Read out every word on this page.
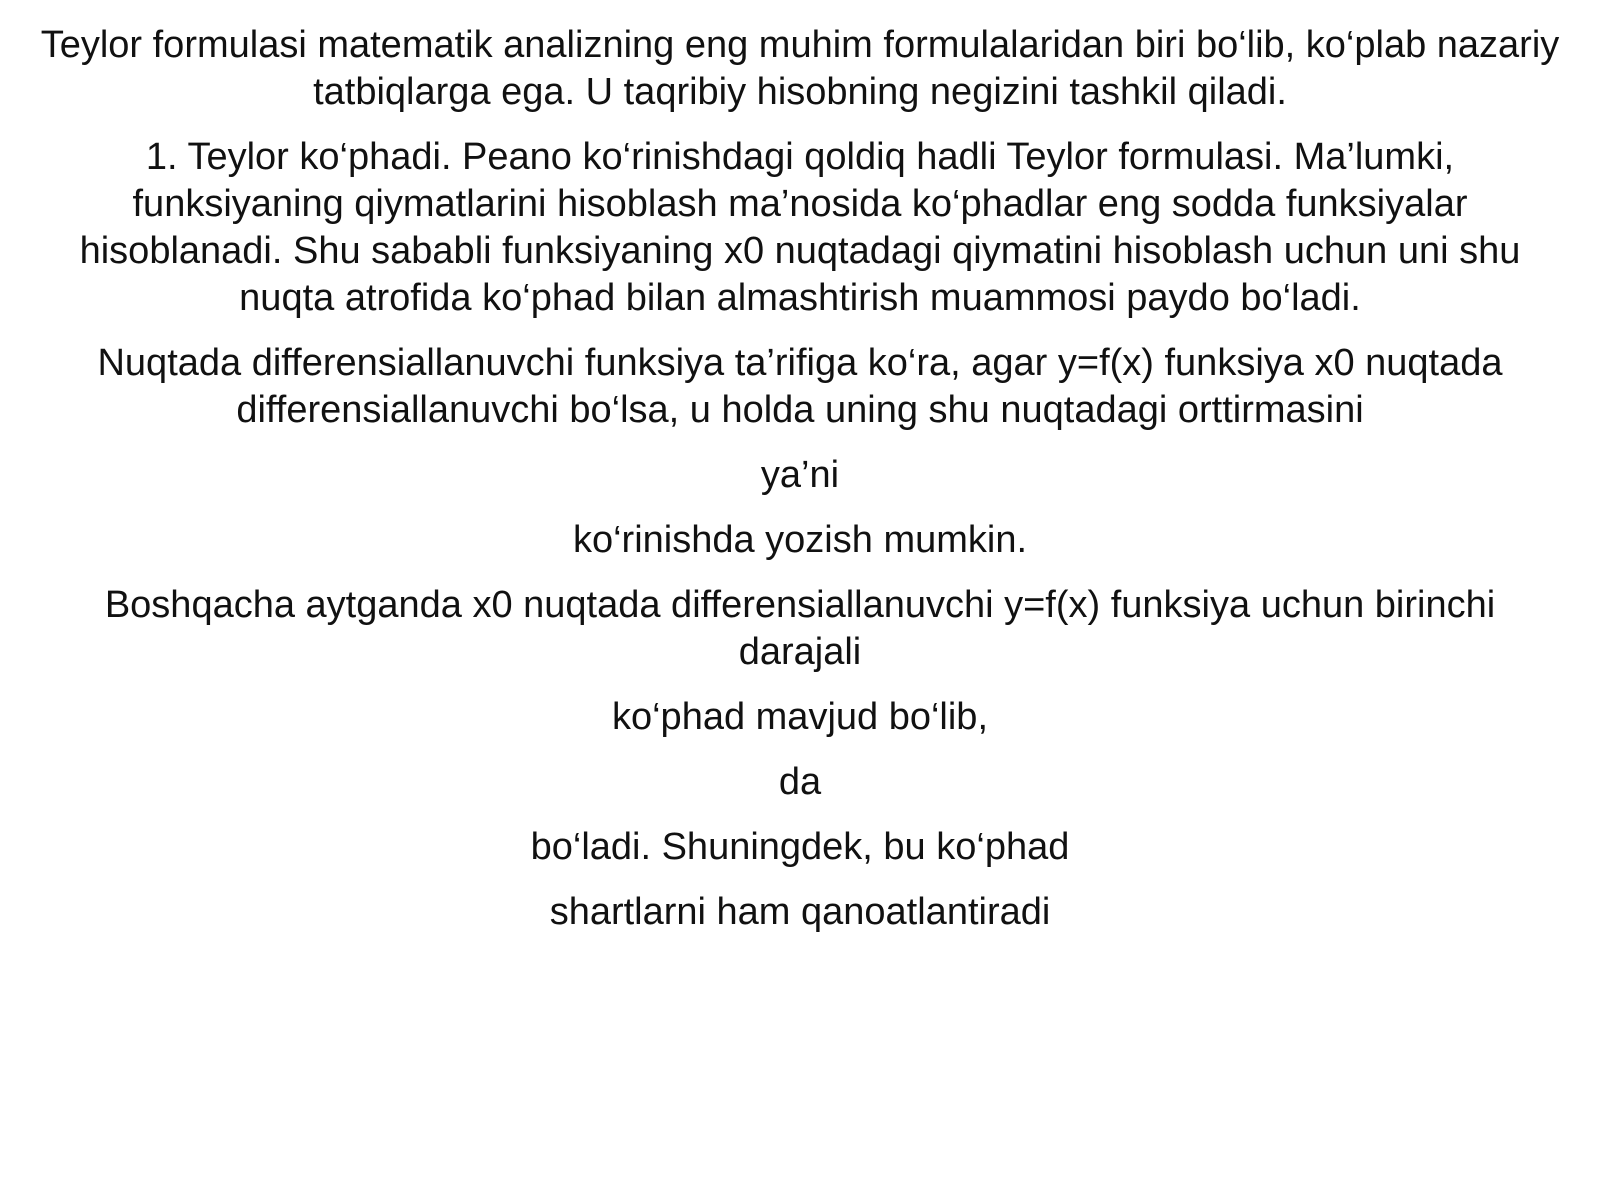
Teylor formulasi matematik analizning eng muhim formulalaridan biri bo‘lib, ko‘plab nazariy tatbiqlarga ega. U taqribiy hisobning negizini tashkil qiladi.

1. Teylor ko‘phadi. Peano ko‘rinishdagi qoldiq hadli Teylor formulasi. Ma’lumki, funksiyaning qiymatlarini hisoblash ma’nosida ko‘phadlar eng sodda funksiyalar hisoblanadi. Shu sababli funksiyaning x0 nuqtadagi qiymatini hisoblash uchun uni shu nuqta atrofida ko‘phad bilan almashtirish muammosi paydo bo‘ladi.

Nuqtada differensiallanuvchi funksiya ta’rifiga ko‘ra, agar y=f(x) funksiya x0 nuqtada differensiallanuvchi bo‘lsa, u holda uning shu nuqtadagi orttirmasini

ya’ni

ko‘rinishda yozish mumkin.

Boshqacha aytganda x0 nuqtada differensiallanuvchi y=f(x) funksiya uchun birinchi darajali

ko‘phad mavjud bo‘lib,

da

bo‘ladi. Shuningdek, bu ko‘phad

shartlarni ham qanoatlantiradi
